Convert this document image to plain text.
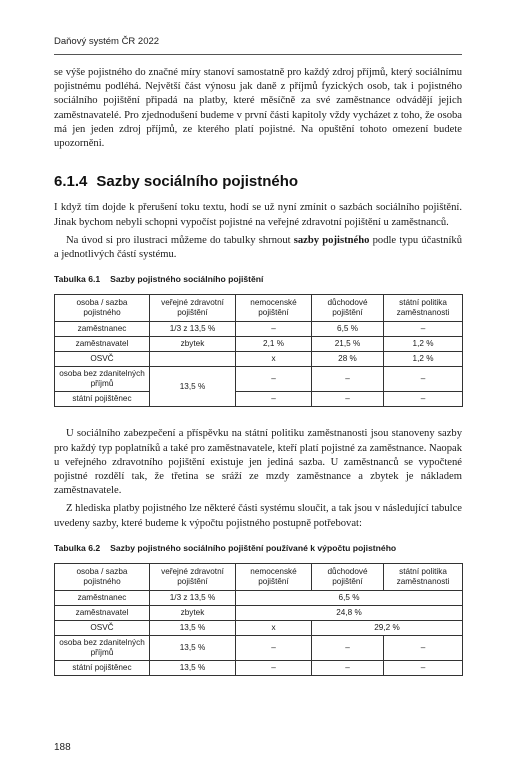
Daňový systém ČR 2022

se výše pojistného do značné míry stanoví samostatně pro každý zdroj příjmů, který sociálnímu pojistnému podléhá. Největší část výnosu jak daně z příjmů fyzických osob, tak i pojistného sociálního pojištění připadá na platby, které měsíčně za své zaměstnance odvádějí jejich zaměstnavatelé. Pro zjednodušení budeme v první části kapitoly vždy vycházet z toho, že osoba má jen jeden zdroj příjmů, ze kterého platí pojistné. Na opuštění tohoto omezení budete upozorněni.

6.1.4 Sazby sociálního pojistného

I když tím dojde k přerušení toku textu, hodí se už nyní zmínit o sazbách sociálního pojištění. Jinak bychom nebyli schopni vypočíst pojistné na veřejné zdravotní pojištění u zaměstnanců.

Na úvod si pro ilustraci můžeme do tabulky shrnout sazby pojistného podle typu účastníků a jednotlivých částí systému.

Tabulka 6.1 Sazby pojistného sociálního pojištění
osoba / sazba pojistného	veřejné zdravotní pojištění	nemocenské pojištění	důchodové pojištění	státní politika zaměstnanosti
zaměstnanec	1/3 z 13,5 %	–	6,5 %	–
zaměstnavatel	zbytek	2,1 %	21,5 %	1,2 %
OSVČ		x	28 %	1,2 %
osoba bez zdanitelných příjmů	13,5 %	–	–	–
státní pojištěnec		–	–	–

U sociálního zabezpečení a příspěvku na státní politiku zaměstnanosti jsou stanoveny sazby pro každý typ poplatníků a také pro zaměstnavatele, kteří platí pojistné za zaměstnance. Naopak u veřejného zdravotního pojištění existuje jen jediná sazba. U zaměstnanců se vypočtené pojistné rozdělí tak, že třetina se sráží ze mzdy zaměstnance a zbytek je nákladem zaměstnavatele.

Z hlediska platby pojistného lze některé části systému sloučit, a tak jsou v následující tabulce uvedeny sazby, které budeme k výpočtu pojistného postupně potřebovat:

Tabulka 6.2 Sazby pojistného sociálního pojištění používané k výpočtu pojistného
osoba / sazba pojistného	veřejné zdravotní pojištění	nemocenské pojištění	důchodové pojištění	státní politika zaměstnanosti
zaměstnanec	1/3 z 13,5 %	6,5 %		
zaměstnavatel	zbytek	24,8 %		
OSVČ	13,5 %	x	29,2 %	
osoba bez zdanitelných příjmů	13,5 %	–	–	–
státní pojištěnec	13,5 %	–	–	–
188
